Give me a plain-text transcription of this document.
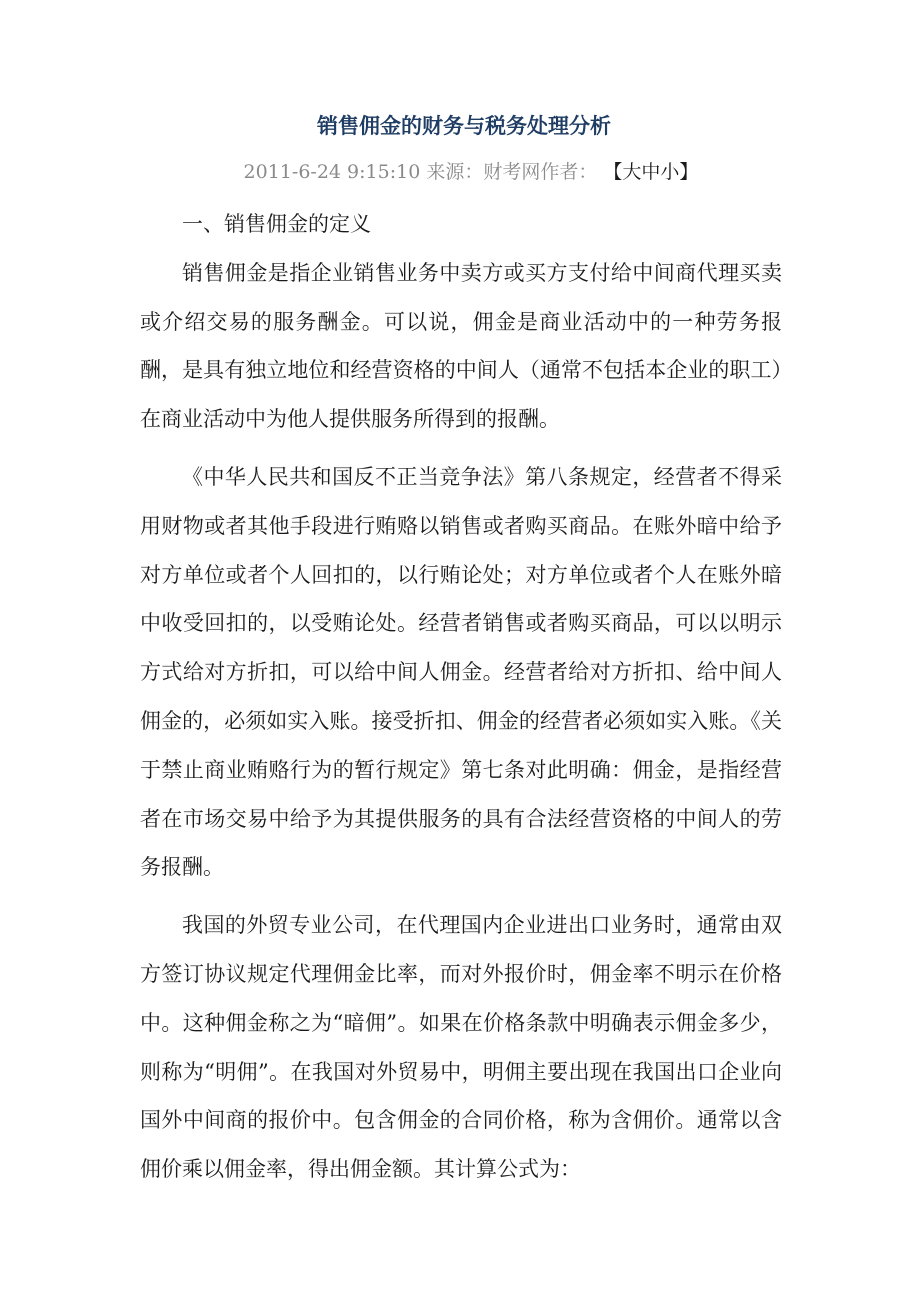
销售佣金的财务与税务处理分析
2011-6-24 9:15:10 来源：财考网作者： 【大中小】

一、销售佣金的定义

销售佣金是指企业销售业务中卖方或买方支付给中间商代理买卖或介绍交易的服务酬金。可以说，佣金是商业活动中的一种劳务报酬，是具有独立地位和经营资格的中间人（通常不包括本企业的职工）在商业活动中为他人提供服务所得到的报酬。

《中华人民共和国反不正当竞争法》第八条规定，经营者不得采用财物或者其他手段进行贿赂以销售或者购买商品。在账外暗中给予对方单位或者个人回扣的，以行贿论处；对方单位或者个人在账外暗中收受回扣的，以受贿论处。经营者销售或者购买商品，可以以明示方式给对方折扣，可以给中间人佣金。经营者给对方折扣、给中间人佣金的，必须如实入账。接受折扣、佣金的经营者必须如实入账。《关于禁止商业贿赂行为的暂行规定》第七条对此明确：佣金，是指经营者在市场交易中给予为其提供服务的具有合法经营资格的中间人的劳务报酬。

我国的外贸专业公司，在代理国内企业进出口业务时，通常由双方签订协议规定代理佣金比率，而对外报价时，佣金率不明示在价格中。这种佣金称之为“暗佣”。如果在价格条款中明确表示佣金多少，则称为“明佣”。在我国对外贸易中，明佣主要出现在我国出口企业向国外中间商的报价中。包含佣金的合同价格，称为含佣价。通常以含佣价乘以佣金率，得出佣金额。其计算公式为：
